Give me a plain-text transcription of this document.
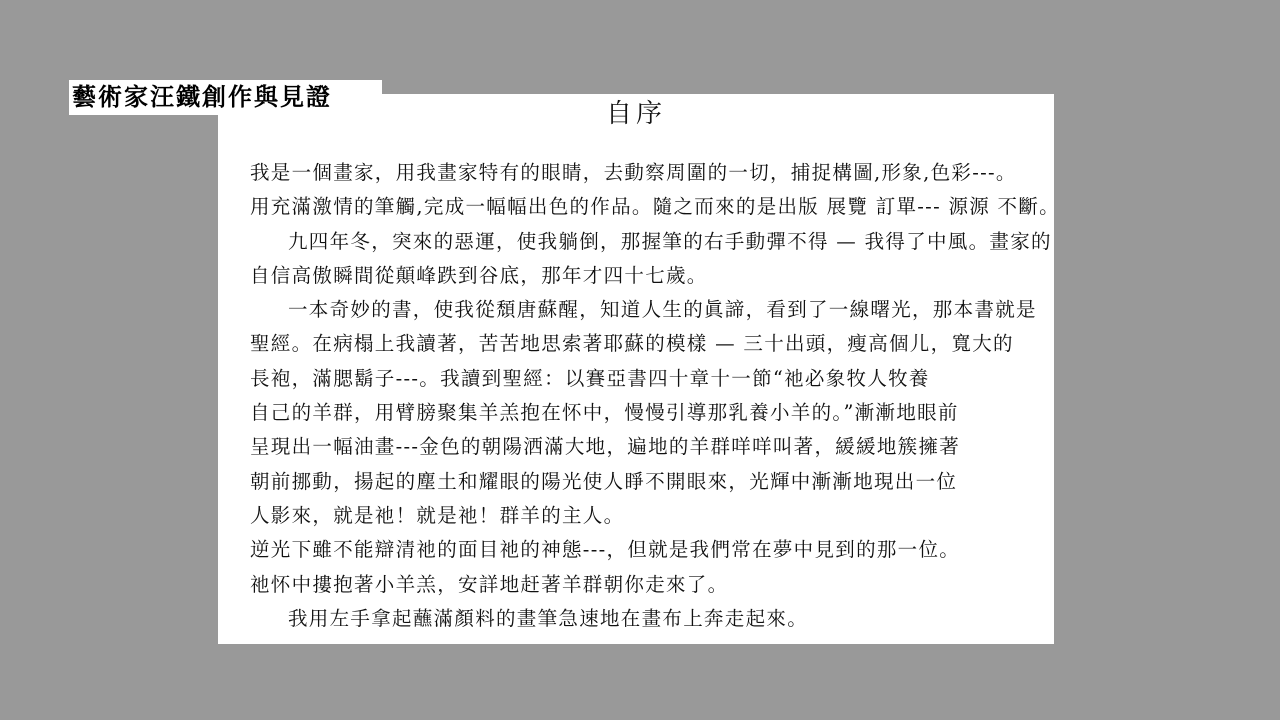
藝術家汪鐵創作與見證
自序
我是一個畫家，用我畫家特有的眼睛，去動察周圍的一切，捕捉構圖,形象,色彩---。
用充滿激情的筆觸,完成一幅幅出色的作品。隨之而來的是出版 展覽 訂單--- 源源 不斷。
九四年冬，突來的惡運，使我躺倒，那握筆的右手動彈不得 — 我得了中風。畫家的
自信高傲瞬間從顛峰跌到谷底，那年才四十七歲。
一本奇妙的書，使我從頹唐蘇醒，知道人生的眞諦，看到了一線曙光，那本書就是
聖經。在病榻上我讀著，苦苦地思索著耶蘇的模樣 — 三十出頭，瘦高個儿，寬大的
長袍，滿腮鬍子---。我讀到聖經：以賽亞書四十章十一節“祂必象牧人牧養
自己的羊群，用臂膀聚集羊羔抱在怀中，慢慢引導那乳養小羊的。”漸漸地眼前
呈現出一幅油畫---金色的朝陽洒滿大地，遍地的羊群咩咩叫著，緩緩地簇擁著
朝前挪動，揚起的塵土和耀眼的陽光使人睜不開眼來，光輝中漸漸地現出一位
人影來，就是祂！就是祂！群羊的主人。
逆光下雖不能辯清祂的面目祂的神態---，但就是我們常在夢中見到的那一位。
祂怀中摟抱著小羊羔，安詳地赶著羊群朝你走來了。
我用左手拿起蘸滿顏料的畫筆急速地在畫布上奔走起來。
